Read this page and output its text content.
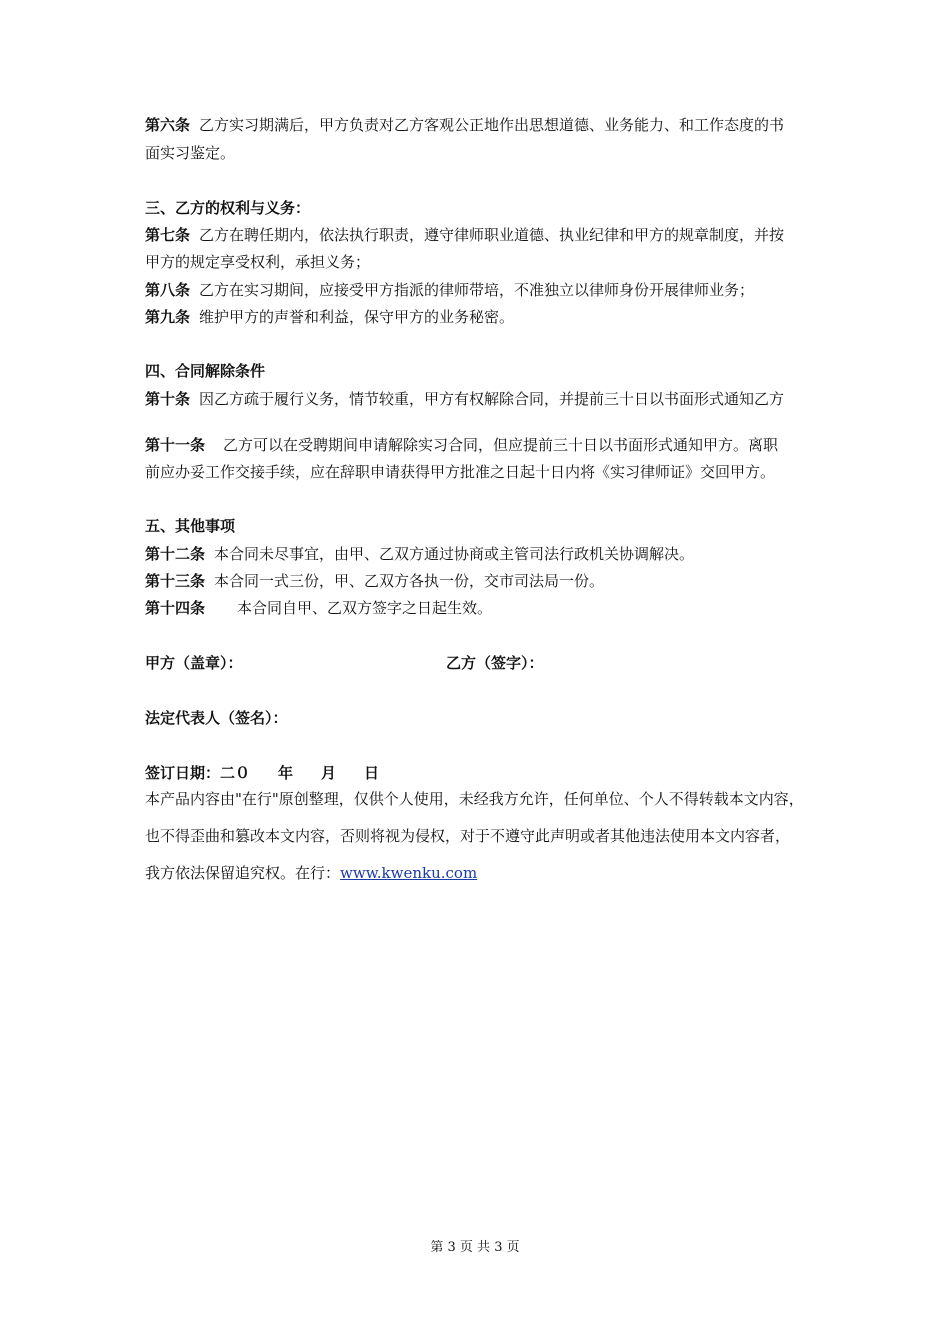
第六条 乙方实习期满后，甲方负责对乙方客观公正地作出思想道德、业务能力、和工作态度的书
面实习鉴定。
三、乙方的权利与义务：
第七条 乙方在聘任期内，依法执行职责，遵守律师职业道德、执业纪律和甲方的规章制度，并按
甲方的规定享受权利，承担义务；
第八条 乙方在实习期间，应接受甲方指派的律师带培，不准独立以律师身份开展律师业务；
第九条 维护甲方的声誉和利益，保守甲方的业务秘密。
四、合同解除条件
第十条 因乙方疏于履行义务，情节较重，甲方有权解除合同，并提前三十日以书面形式通知乙方
第十一条 乙方可以在受聘期间申请解除实习合同，但应提前三十日以书面形式通知甲方。离职
前应办妥工作交接手续，应在辞职申请获得甲方批准之日起十日内将《实习律师证》交回甲方。
五、其他事项
第十二条 本合同未尽事宜，由甲、乙双方通过协商或主管司法行政机关协调解决。
第十三条 本合同一式三份，甲、乙双方各执一份，交市司法局一份。
第十四条 本合同自甲、乙双方签字之日起生效。
甲方（盖章）：	乙方（签字）：
法定代表人（签名）：
签订日期：二０ 年 月 日
本产品内容由"在行"原创整理，仅供个人使用，未经我方允许，任何单位、个人不得转载本文内容，
也不得歪曲和篡改本文内容，否则将视为侵权，对于不遵守此声明或者其他违法使用本文内容者，
我方依法保留追究权。在行：www.kwenku.com
第 3 页 共 3 页
